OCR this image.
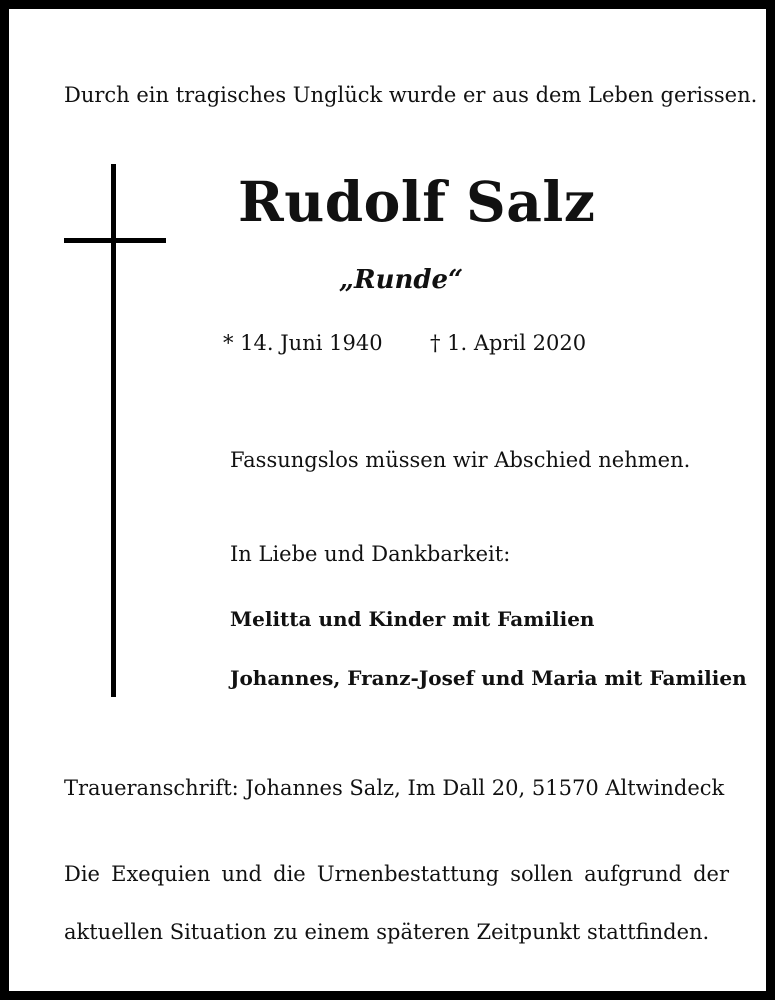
Durch ein tragisches Unglück wurde er aus dem Leben gerissen.
Rudolf Salz
„Runde“
* 14. Juni 1940 † 1. April 2020
Fassungslos müssen wir Abschied nehmen.
In Liebe und Dankbarkeit:
Melitta und Kinder mit Familien
Johannes, Franz-Josef und Maria mit Familien
Traueranschrift: Johannes Salz, Im Dall 20, 51570 Altwindeck

Die Exequien und die Urnenbestattung sollen aufgrund der aktuellen Situation zu einem späteren Zeitpunkt stattfinden.
